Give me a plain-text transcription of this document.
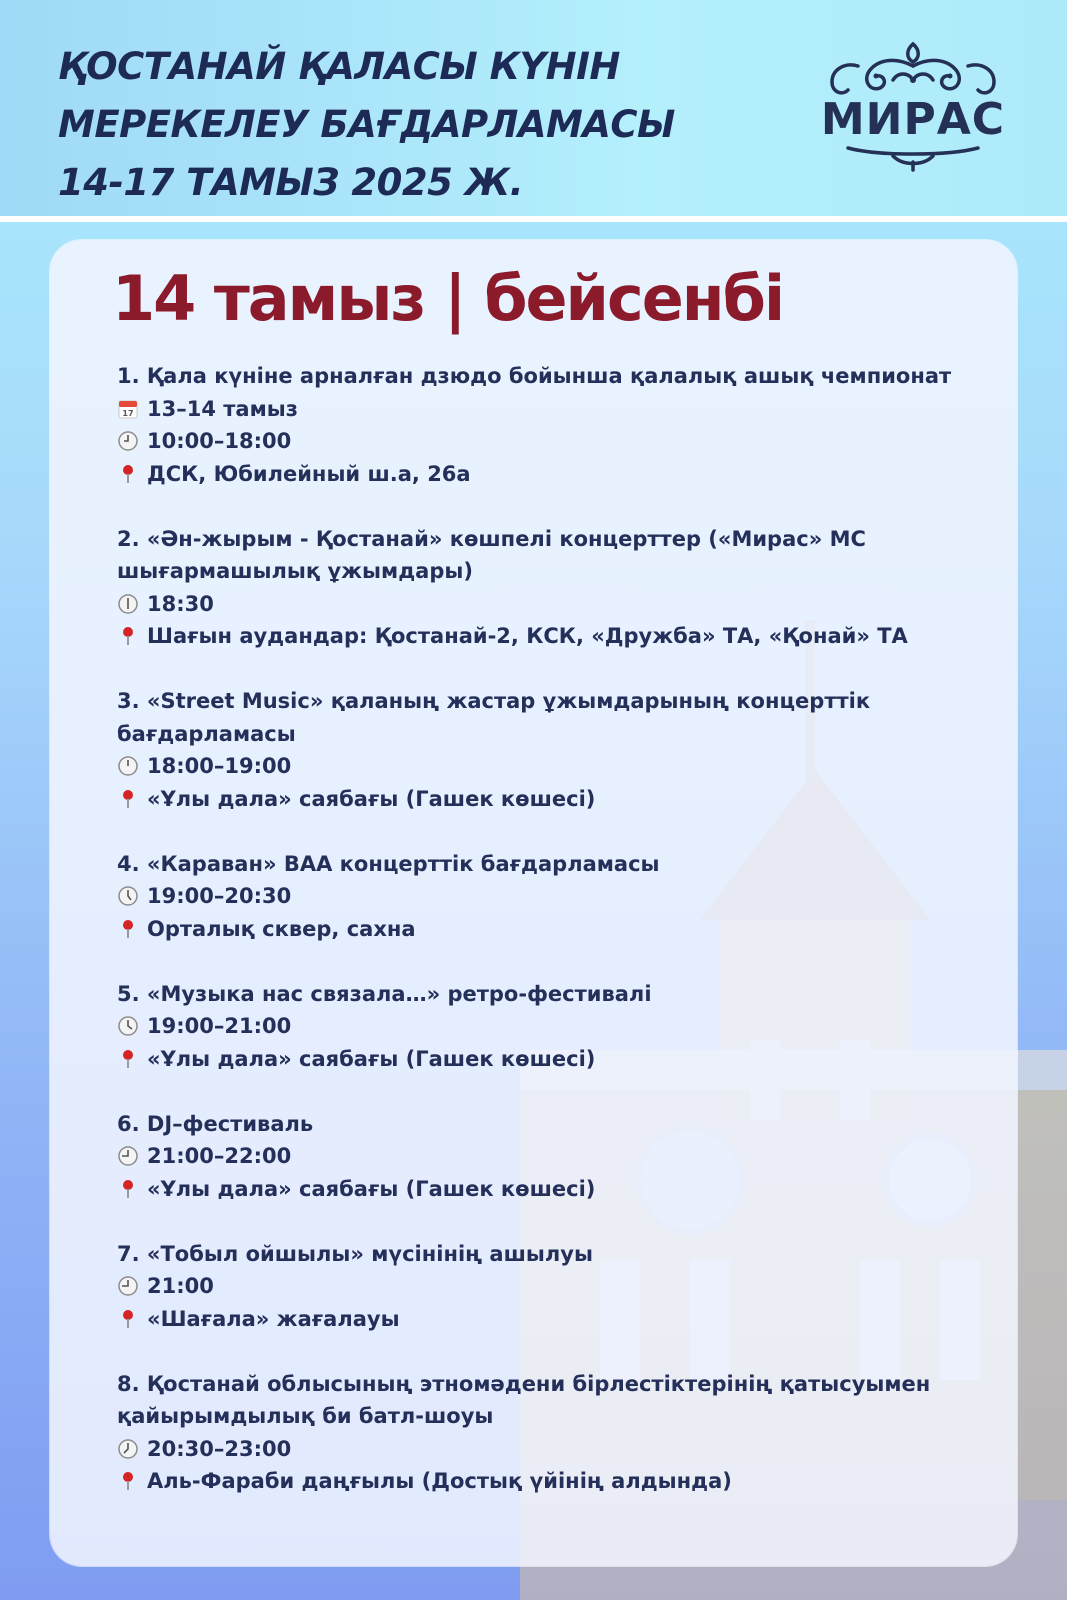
ҚОСТАНАЙ ҚАЛАСЫ КҮНІН
МЕРЕКЕЛЕУ БАҒДАРЛАМАСЫ
14-17 ТАМЫЗ 2025 Ж.
МИРАС
14 тамыз | бейсенбі
1. Қала күніне арналған дзюдо бойынша қалалық ашық чемпионат
17 13–14 тамыз
10:00–18:00
ДСК, Юбилейный ш.а, 26а
2. «Ән-жырым - Қостанай» көшпелі концерттер («Мирас» МС шығармашылық ұжымдары)
18:30
Шағын аудандар: Қостанай-2, КСК, «Дружба» ТА, «Қонай» ТА
3. «Street Music» қаланың жастар ұжымдарының концерттік бағдарламасы
18:00–19:00
«Ұлы дала» саябағы (Гашек көшесі)
4. «Караван» ВАА концерттік бағдарламасы
19:00–20:30
Орталық сквер, сахна
5. «Музыка нас связала…» ретро-фестивалі
19:00–21:00
«Ұлы дала» саябағы (Гашек көшесі)
6. DJ–фестиваль
21:00–22:00
«Ұлы дала» саябағы (Гашек көшесі)
7. «Тобыл ойшылы» мүсінінің ашылуы
21:00
«Шағала» жағалауы
8. Қостанай облысының этномәдени бірлестіктерінің қатысуымен қайырымдылық би батл-шоуы
20:30–23:00
Аль-Фараби даңғылы (Достық үйінің алдында)
